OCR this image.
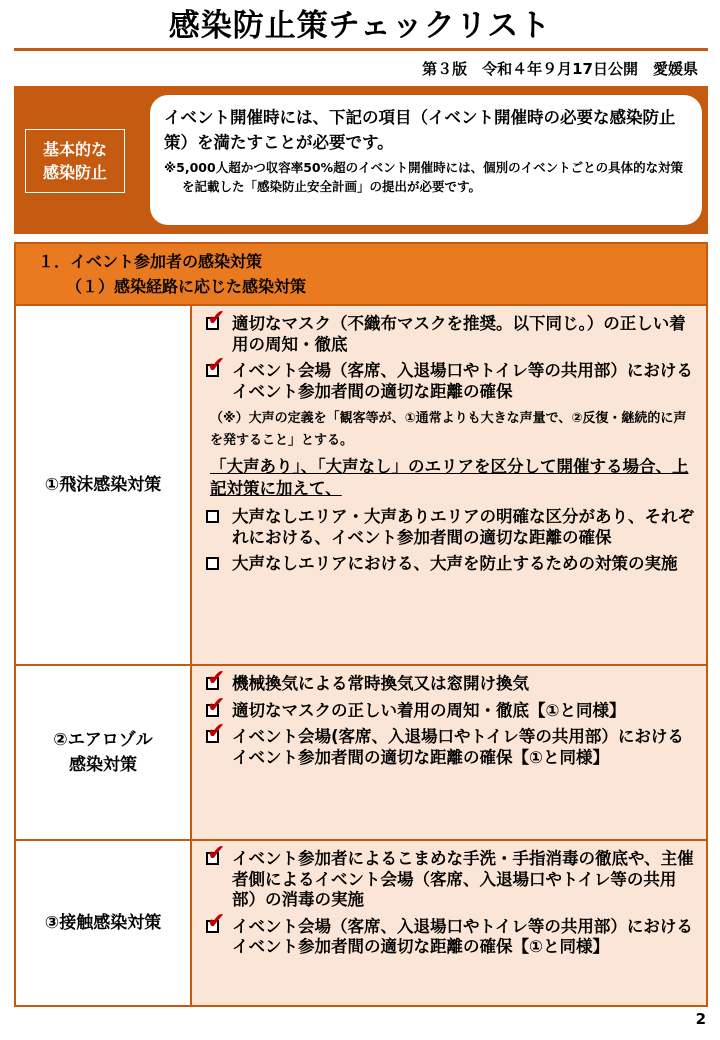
感染防止策チェックリスト
第３版　令和４年９月17日公開　愛媛県
基本的な
感染防止
イベント開催時には、下記の項目（イベント開催時の必要な感染防止策）を満たすことが必要です。
※5,000人超かつ収容率50%超のイベント開催時には、個別のイベントごとの具体的な対策を記載した「感染防止安全計画」の提出が必要です。
１．イベント参加者の感染対策
（１）感染経路に応じた感染対策
①飛沫感染対策
✔ 適切なマスク（不織布マスクを推奨。以下同じ。）の正しい着用の周知・徹底
✔ イベント会場（客席、入退場口やトイレ等の共用部）におけるイベント参加者間の適切な距離の確保
（※）大声の定義を「観客等が、①通常よりも大きな声量で、②反復・継続的に声を発すること」とする。
「大声あり」、「大声なし」のエリアを区分して開催する場合、上記対策に加えて、
大声なしエリア・大声ありエリアの明確な区分があり、それぞれにおける、イベント参加者間の適切な距離の確保
大声なしエリアにおける、大声を防止するための対策の実施
②エアロゾル
感染対策
✔ 機械換気による常時換気又は窓開け換気
✔ 適切なマスクの正しい着用の周知・徹底【①と同様】
✔ イベント会場(客席、入退場口やトイレ等の共用部）におけるイベント参加者間の適切な距離の確保【①と同様】
③接触感染対策
✔ イベント参加者によるこまめな手洗・手指消毒の徹底や、主催者側によるイベント会場（客席、入退場口やトイレ等の共用部）の消毒の実施
✔ イベント会場（客席、入退場口やトイレ等の共用部）におけるイベント参加者間の適切な距離の確保【①と同様】
2
